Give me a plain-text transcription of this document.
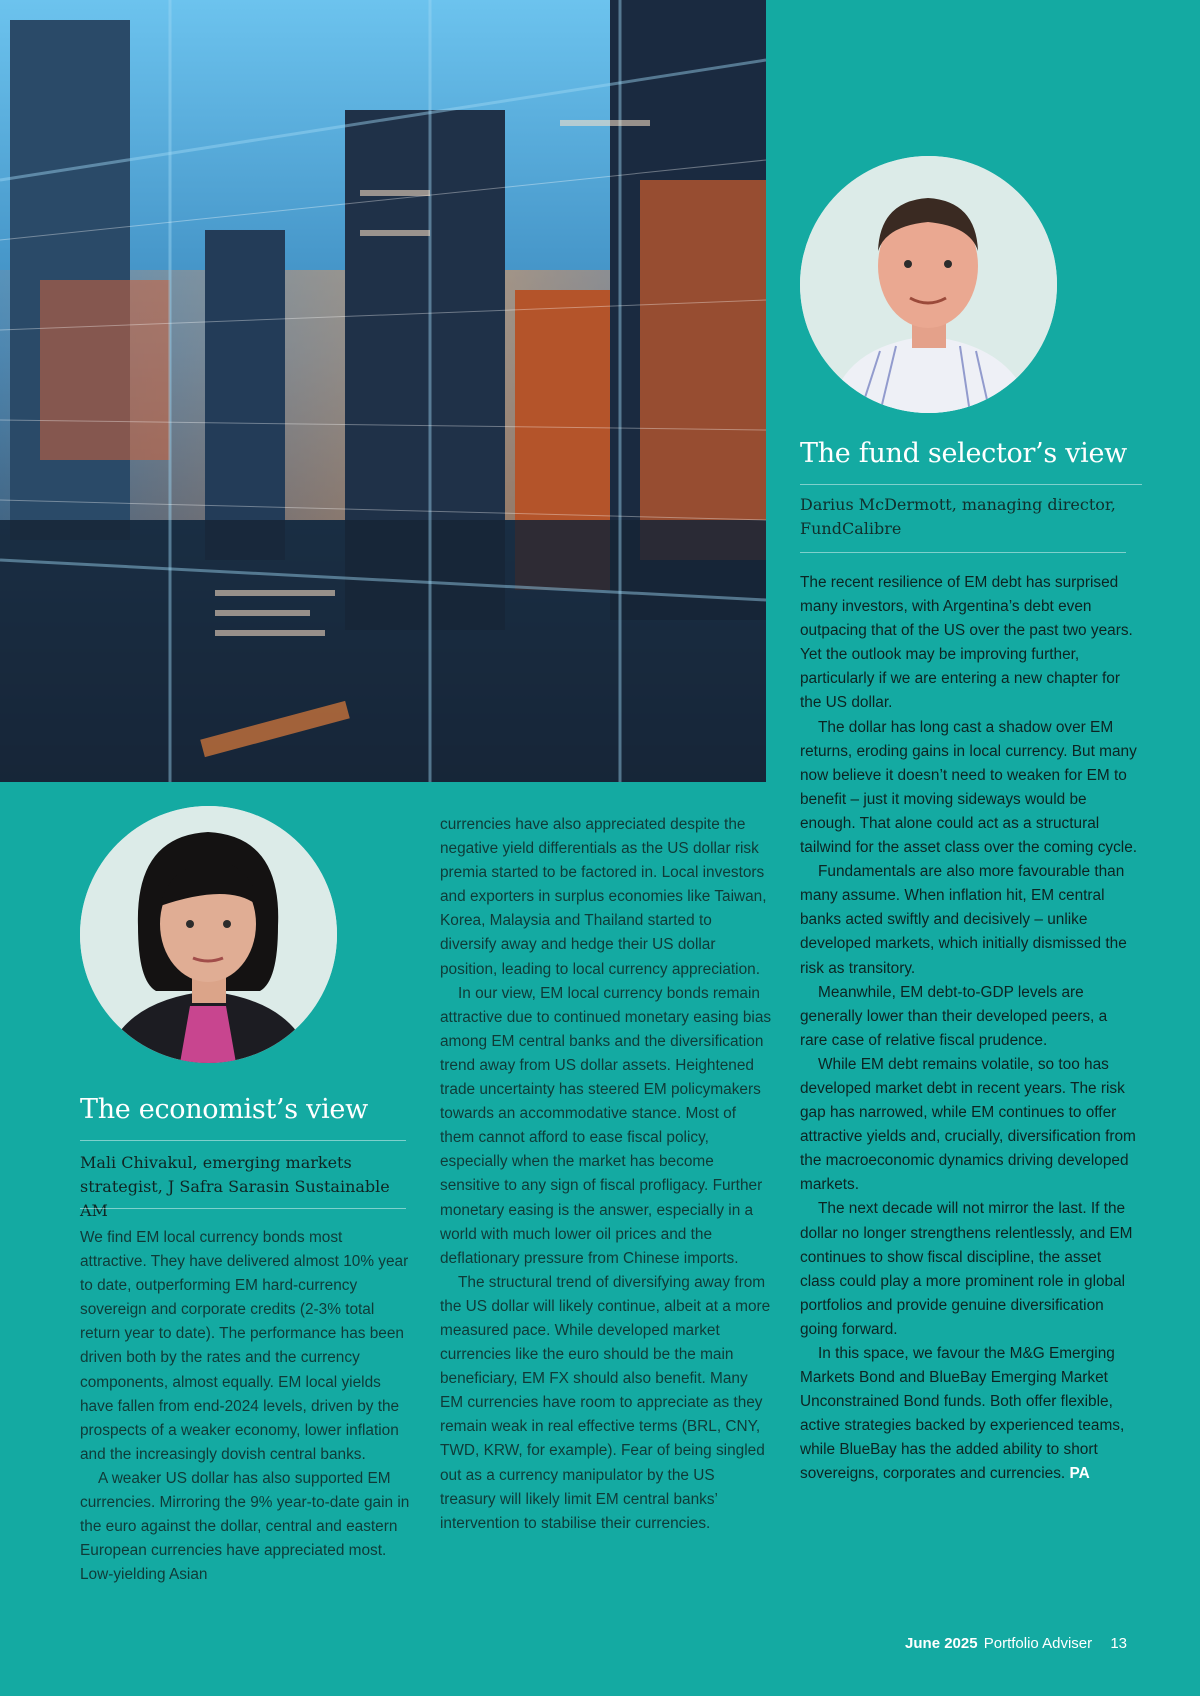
The fund selector’s view

Darius McDermott, managing director, FundCalibre

The recent resilience of EM debt has surprised many investors, with Argentina’s debt even outpacing that of the US over the past two years. Yet the outlook may be improving further, particularly if we are entering a new chapter for the US dollar.

The dollar has long cast a shadow over EM returns, eroding gains in local currency. But many now believe it doesn’t need to weaken for EM to benefit – just it moving sideways would be enough. That alone could act as a structural tailwind for the asset class over the coming cycle.

Fundamentals are also more favourable than many assume. When inflation hit, EM central banks acted swiftly and decisively – unlike developed markets, which initially dismissed the risk as transitory.

Meanwhile, EM debt-to-GDP levels are generally lower than their developed peers, a rare case of relative fiscal prudence.

While EM debt remains volatile, so too has developed market debt in recent years. The risk gap has narrowed, while EM continues to offer attractive yields and, crucially, diversification from the macroeconomic dynamics driving developed markets.

The next decade will not mirror the last. If the dollar no longer strengthens relentlessly, and EM continues to show fiscal discipline, the asset class could play a more prominent role in global portfolios and provide genuine diversification going forward.

In this space, we favour the M&G Emerging Markets Bond and BlueBay Emerging Market Unconstrained Bond funds. Both offer flexible, active strategies backed by experienced teams, while BlueBay has the added ability to short sovereigns, corporates and currencies. PA

The economist’s view

Mali Chivakul, emerging markets strategist, J Safra Sarasin Sustainable AM

We find EM local currency bonds most attractive. They have delivered almost 10% year to date, outperforming EM hard-currency sovereign and corporate credits (2-3% total return year to date). The performance has been driven both by the rates and the currency components, almost equally. EM local yields have fallen from end-2024 levels, driven by the prospects of a weaker economy, lower inflation and the increasingly dovish central banks.

A weaker US dollar has also supported EM currencies. Mirroring the 9% year-to-date gain in the euro against the dollar, central and eastern European currencies have appreciated most. Low-yielding Asian

currencies have also appreciated despite the negative yield differentials as the US dollar risk premia started to be factored in. Local investors and exporters in surplus economies like Taiwan, Korea, Malaysia and Thailand started to diversify away and hedge their US dollar position, leading to local currency appreciation.

In our view, EM local currency bonds remain attractive due to continued monetary easing bias among EM central banks and the diversification trend away from US dollar assets. Heightened trade uncertainty has steered EM policymakers towards an accommodative stance. Most of them cannot afford to ease fiscal policy, especially when the market has become sensitive to any sign of fiscal profligacy. Further monetary easing is the answer, especially in a world with much lower oil prices and the deflationary pressure from Chinese imports.

The structural trend of diversifying away from the US dollar will likely continue, albeit at a more measured pace. While developed market currencies like the euro should be the main beneficiary, EM FX should also benefit. Many EM currencies have room to appreciate as they remain weak in real effective terms (BRL, CNY, TWD, KRW, for example). Fear of being singled out as a currency manipulator by the US treasury will likely limit EM central banks’ intervention to stabilise their currencies.

June 2025 Portfolio Adviser 13
